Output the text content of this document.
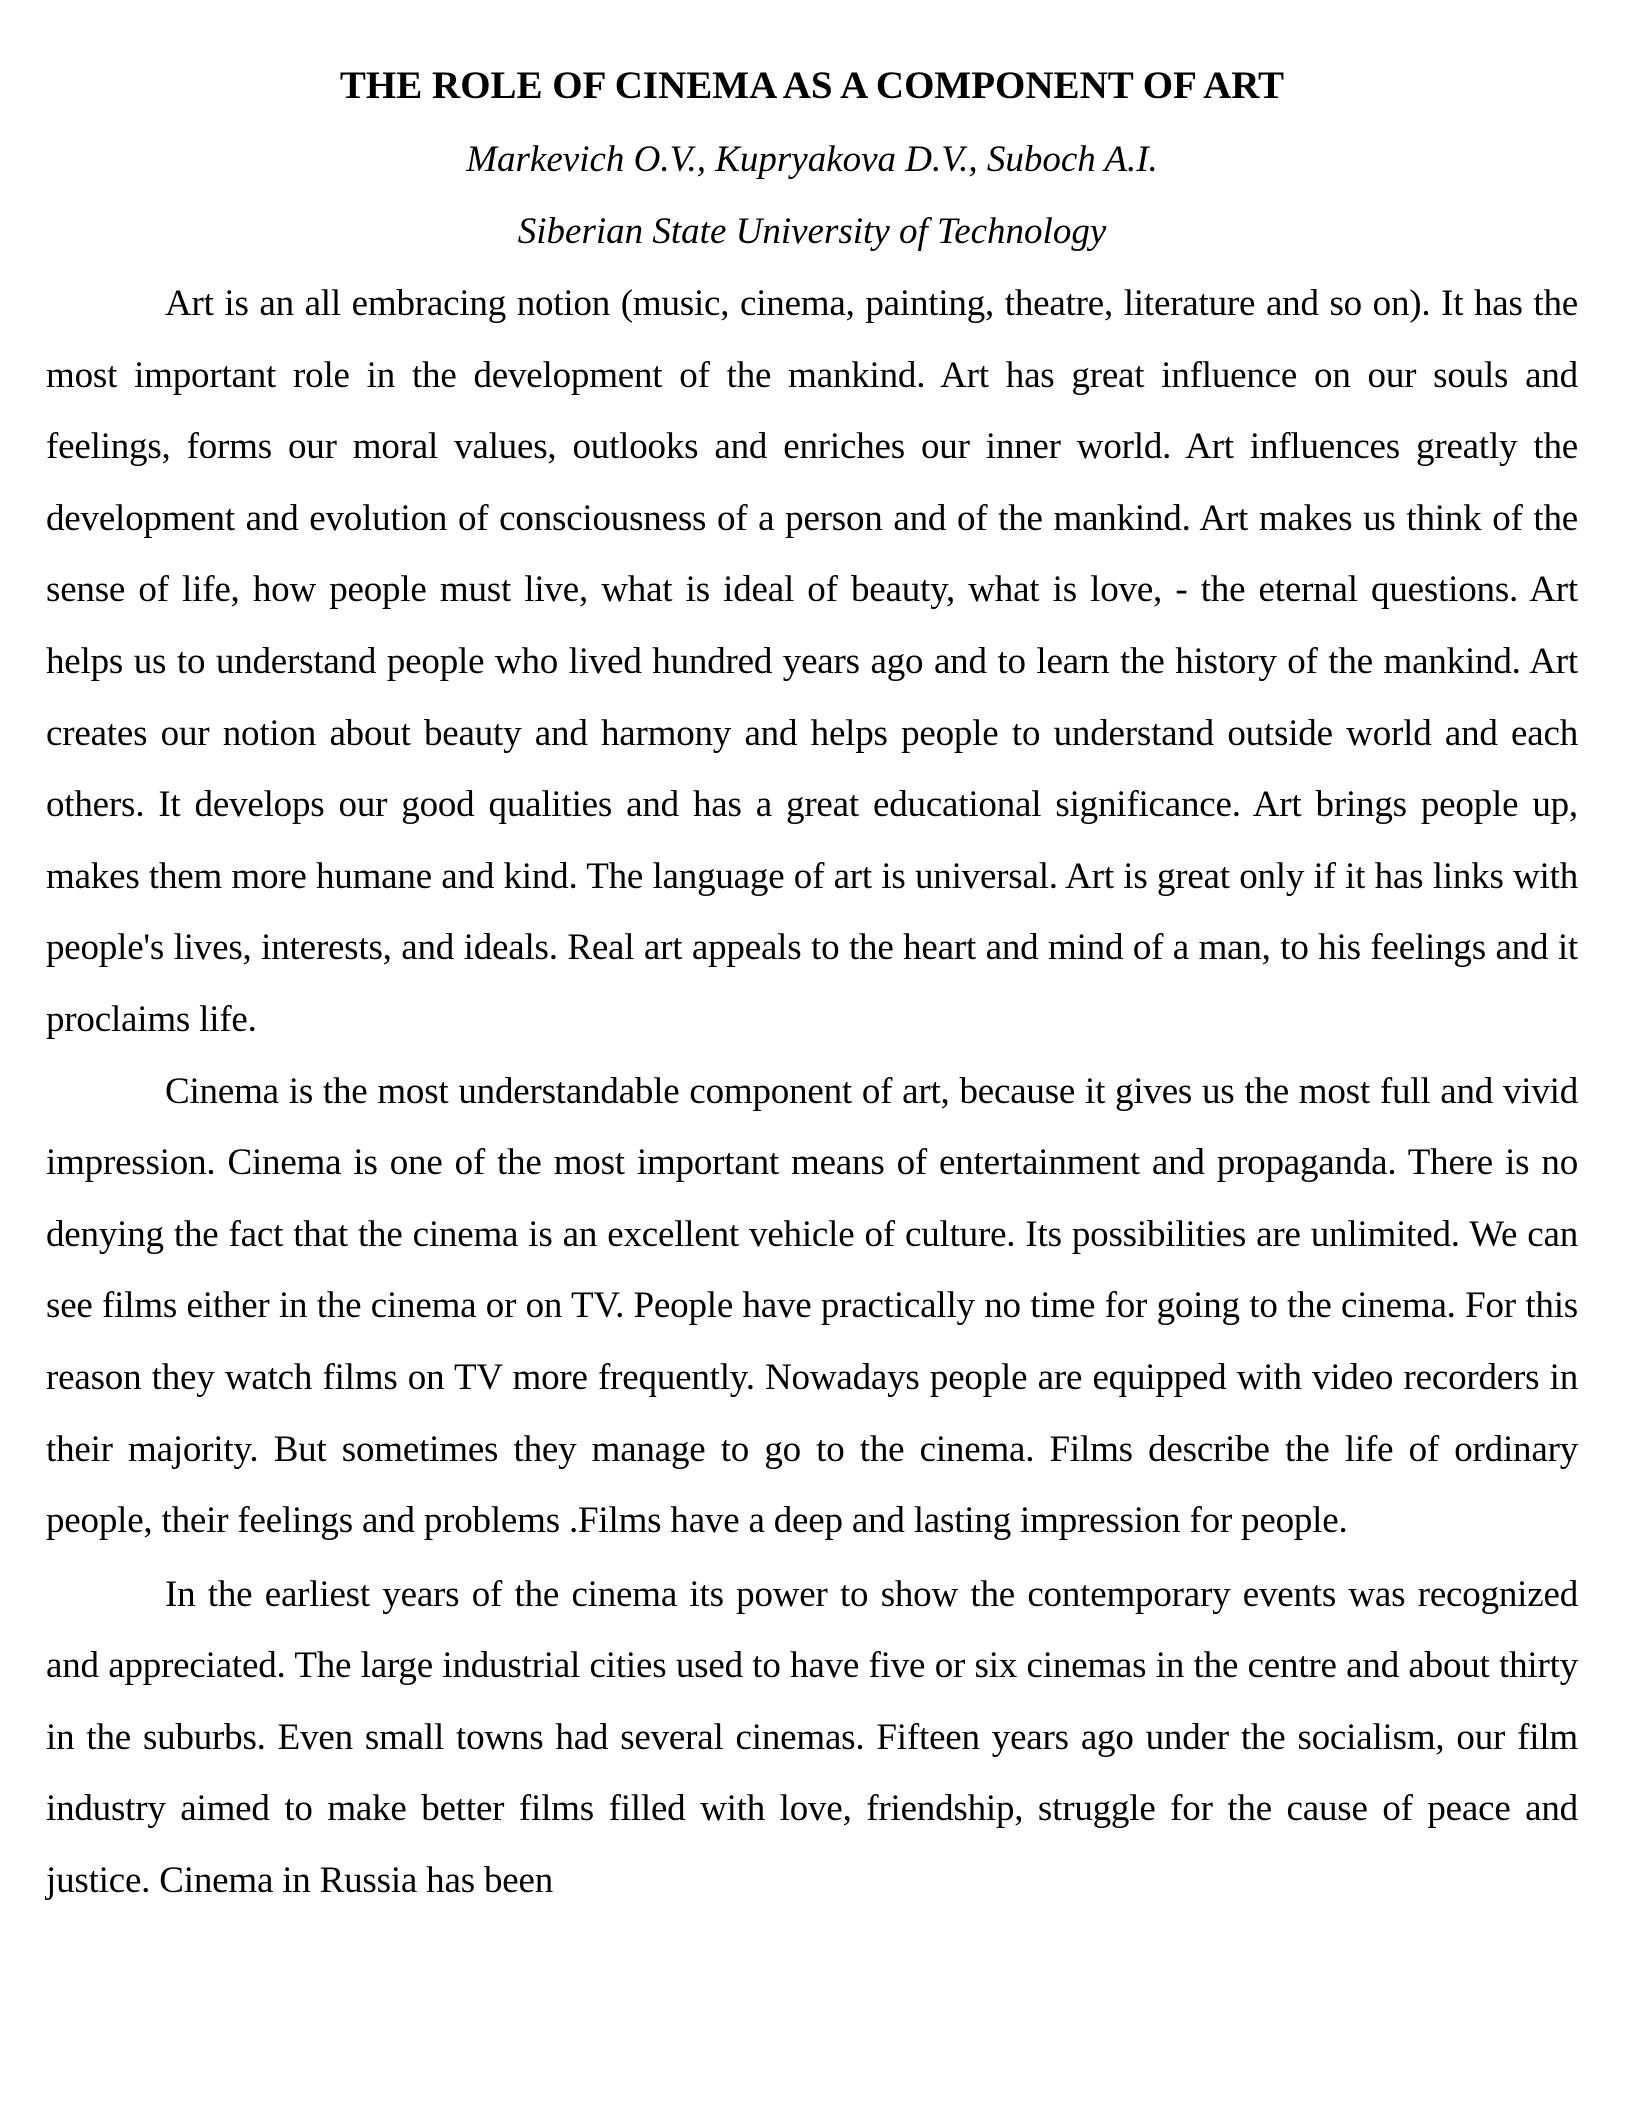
THE ROLE OF CINEMA AS A COMPONENT OF ART

Markevich O.V., Kupryakova D.V., Suboch A.I.

Siberian State University of Technology

Art is an all embracing notion (music, cinema, painting, theatre, literature and so on). It has the most important role in the development of the mankind. Art has great influence on our souls and feelings, forms our moral values, outlooks and enriches our inner world. Art influences greatly the development and evolution of consciousness of a person and of the mankind. Art makes us think of the sense of life, how people must live, what is ideal of beauty, what is love, - the eternal questions. Art helps us to understand people who lived hundred years ago and to learn the history of the mankind. Art creates our notion about beauty and harmony and helps people to understand outside world and each others. It develops our good qualities and has a great educational significance. Art brings people up, makes them more humane and kind. The language of art is universal. Art is great only if it has links with people's lives, interests, and ideals. Real art appeals to the heart and mind of a man, to his feelings and it proclaims life.

Cinema is the most understandable component of art, because it gives us the most full and vivid impression. Cinema is one of the most important means of entertainment and propaganda. There is no denying the fact that the cinema is an excellent vehicle of culture. Its possibilities are unlimited. We can see films either in the cinema or on TV. People have practically no time for going to the cinema. For this reason they watch films on TV more frequently. Nowadays people are equipped with video recorders in their majority. But sometimes they manage to go to the cinema. Films describe the life of ordinary people, their feelings and problems .Films have a deep and lasting impression for people.

In the earliest years of the cinema its power to show the contemporary events was recognized and appreciated. The large industrial cities used to have five or six cinemas in the centre and about thirty in the suburbs. Even small towns had several cinemas. Fifteen years ago under the socialism, our film industry aimed to make better films filled with love, friendship, struggle for the cause of peace and justice. Cinema in Russia has been
